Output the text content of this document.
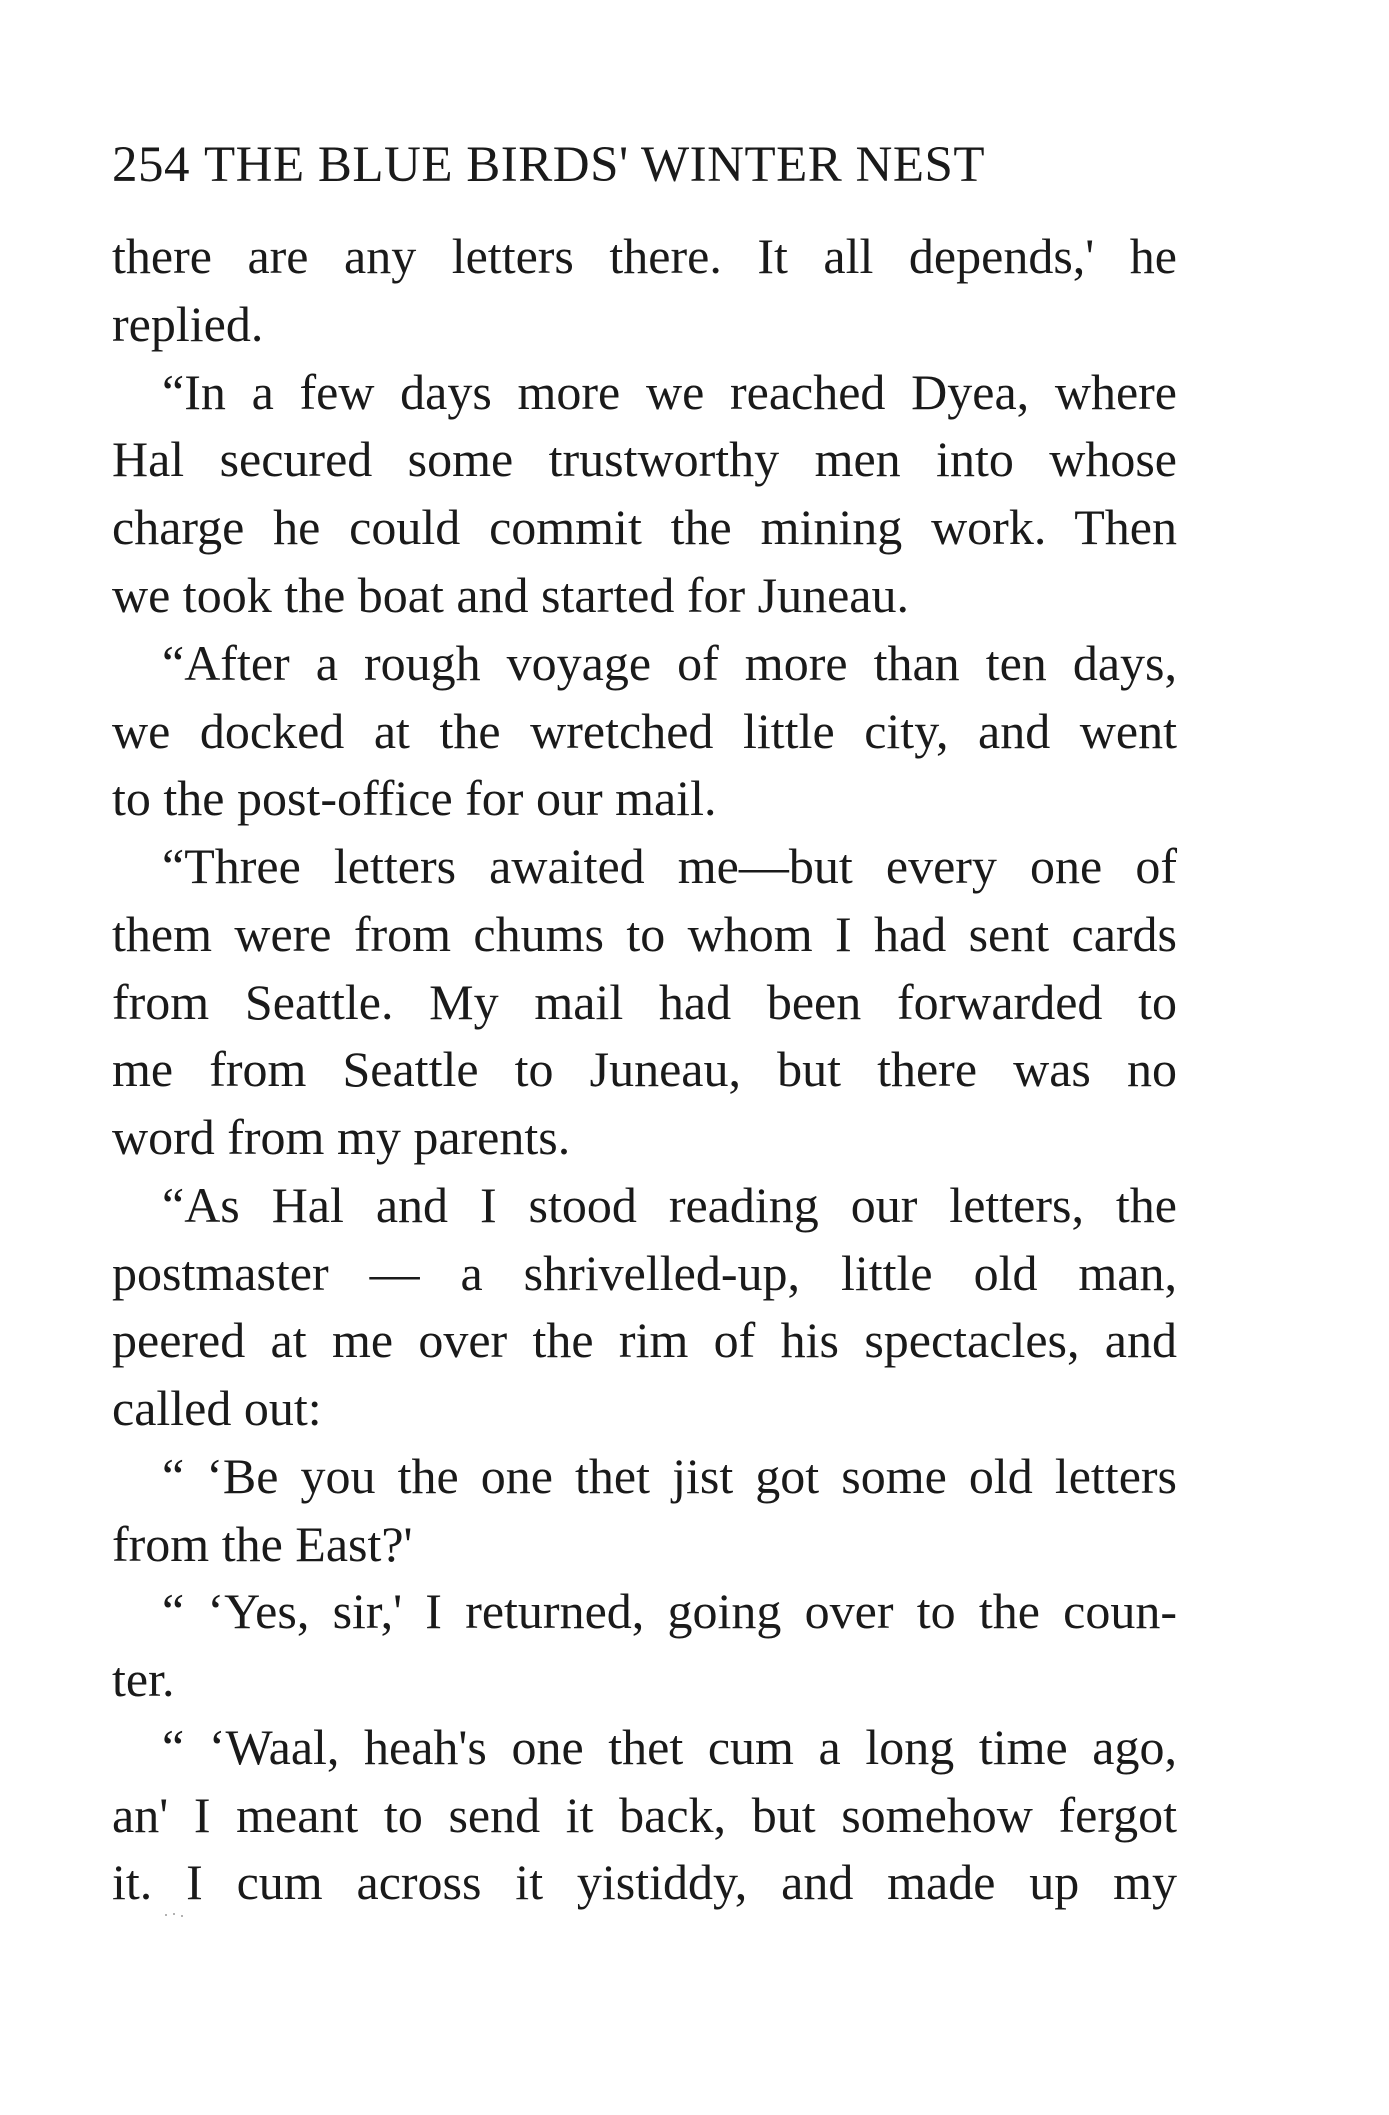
254 THE BLUE BIRDS' WINTER NEST
there are any letters there. It all depends,' he
replied.
“In a few days more we reached Dyea, where
Hal secured some trustworthy men into whose
charge he could commit the mining work. Then
we took the boat and started for Juneau.
“After a rough voyage of more than ten days,
we docked at the wretched little city, and went
to the post-office for our mail.
“Three letters awaited me—but every one of
them were from chums to whom I had sent cards
from Seattle. My mail had been forwarded to
me from Seattle to Juneau, but there was no
word from my parents.
“As Hal and I stood reading our letters, the
postmaster — a shrivelled-up, little old man,
peered at me over the rim of his spectacles, and
called out:
“ ‘Be you the one thet jist got some old letters
from the East?'
“ ‘Yes, sir,' I returned, going over to the coun-
ter.
“ ‘Waal, heah's one thet cum a long time ago,
an' I meant to send it back, but somehow fergot
it. I cum across it yistiddy, and made up my
